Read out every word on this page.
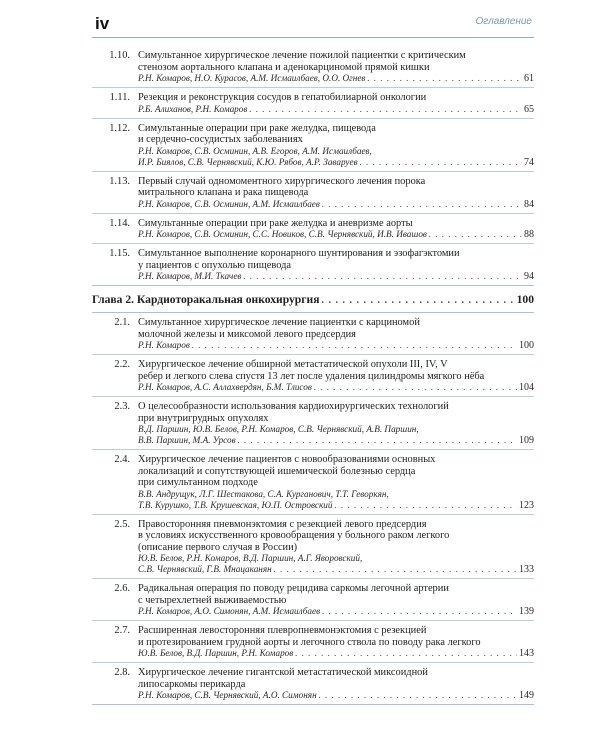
iv	Оглавление
1.10. Симультанное хирургическое лечение пожилой пациентки с критическим
стенозом аортального клапана и аденокарциномой прямой кишки
Р.Н. Комаров, Н.О. Курасов, А.М. Исмаилбаев, О.О. Огнев . . .	61
1.11. Резекция и реконструкция сосудов в гепатобилиарной онкологии
Р.Б. Алиханов, Р.Н. Комаров . . .	65
1.12. Симультанные операции при раке желудка, пищевода
и сердечно-сосудистых заболеваниях
Р.Н. Комаров, С.В. Осминин, А.В. Егоров, А.М. Исмаилбаев,
И.Р. Биялов, С.В. Чернявский, К.Ю. Рябов, А.Р. Заваруев . . .	74
1.13. Первый случай одномоментного хирургического лечения порока
митрального клапана и рака пищевода
Р.Н. Комаров, С.В. Осминин, А.М. Исмаилбаев . . .	84
1.14. Симультанные операции при раке желудка и аневризме аорты
Р.Н. Комаров, С.В. Осминин, С.С. Новиков, С.В. Чернявский, И.В. Ивашов . . .	88
1.15. Симультанное выполнение коронарного шунтирования и эзофагэктомии
у пациентов с опухолью пищевода
Р.Н. Комаров, М.И. Ткачев . . .	94
Глава 2. Кардиоторакальная онкохирургия . . .	100
2.1. Симультанное хирургическое лечение пациентки с карциномой
молочной железы и миксомой левого предсердия
Р.Н. Комаров . . .	100
2.2. Хирургическое лечение обширной метастатической опухоли III, IV, V
ребер и легкого слева спустя 13 лет после удаления цилиндромы мягкого нёба
Р.Н. Комаров, А.С. Аллахвердян, Б.М. Тлисов . . .	104
2.3. О целесообразности использования кардиохирургических технологий
при внутригрудных опухолях
В.Д. Паршин, Ю.В. Белов, Р.Н. Комаров, С.В. Чернявский, А.В. Паршин,
В.В. Паршин, М.А. Урсов . . .	109
2.4. Хирургическое лечение пациентов с новообразованиями основных
локализаций и сопутствующей ишемической болезнью сердца
при симультанном подходе
В.В. Андрущук, Л.Г. Шестакова, С.А. Курганович, Т.Т. Геворкян,
Т.В. Курушко, Т.В. Крушевская, Ю.П. Островский . . .	123
2.5. Правосторонняя пневмонэктомия с резекцией левого предсердия
в условиях искусственного кровообращения у больного раком легкого
(описание первого случая в России)
Ю.В. Белов, Р.Н. Комаров, В.Д. Паршин, А.Г. Яворовский,
С.В. Чернявский, Г.В. Мнацаканян . . .	133
2.6. Радикальная операция по поводу рецидива саркомы легочной артерии
с четырехлетней выживаемостью
Р.Н. Комаров, А.О. Симонян, А.М. Исмаилбаев . . .	139
2.7. Расширенная левосторонняя плевропневмонэктомия с резекцией
и протезированием грудной аорты и легочного ствола по поводу рака легкого
Ю.В. Белов, В.Д. Паршин, Р.Н. Комаров . . .	143
2.8. Хирургическое лечение гигантской метастатической миксоидной
липосаркомы перикарда
Р.Н. Комаров, С.В. Чернявский, А.О. Симонян . . .	149
